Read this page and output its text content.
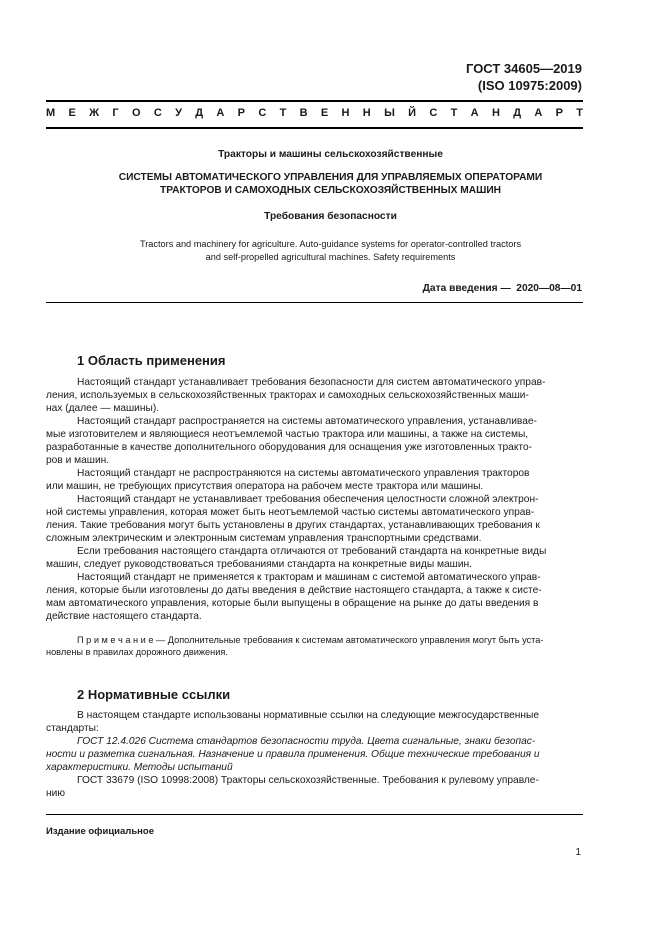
ГОСТ 34605—2019
(ISO 10975:2009)
М Е Ж Г О С У Д А Р С Т В Е Н Н Ы Й С Т А Н Д А Р Т
Тракторы и машины сельскохозяйственные
СИСТЕМЫ АВТОМАТИЧЕСКОГО УПРАВЛЕНИЯ ДЛЯ УПРАВЛЯЕМЫХ ОПЕРАТОРАМИ
ТРАКТОРОВ И САМОХОДНЫХ СЕЛЬСКОХОЗЯЙСТВЕННЫХ МАШИН
Требования безопасности
Tractors and machinery for agriculture. Auto-guidance systems for operator-controlled tractors
and self-propelled agricultural machines. Safety requirements
Дата введения —  2020—08—01
1 Область применения
Настоящий стандарт устанавливает требования безопасности для систем автоматического управ-
ления, используемых в сельскохозяйственных тракторах и самоходных сельскохозяйственных маши-
нах (далее — машины).
Настоящий стандарт распространяется на системы автоматического управления, устанавливае-
мые изготовителем и являющиеся неотъемлемой частью трактора или машины, а также на системы,
разработанные в качестве дополнительного оборудования для оснащения уже изготовленных тракто-
ров и машин.
Настоящий стандарт не распространяются на системы автоматического управления тракторов
или машин, не требующих присутствия оператора на рабочем месте трактора или машины.
Настоящий стандарт не устанавливает требования обеспечения целостности сложной электрон-
ной системы управления, которая может быть неотъемлемой частью системы автоматического управ-
ления. Такие требования могут быть установлены в других стандартах, устанавливающих требования к
сложным электрическим и электронным системам управления транспортными средствами.
Если требования настоящего стандарта отличаются от требований стандарта на конкретные виды
машин, следует руководствоваться требованиями стандарта на конкретные виды машин.
Настоящий стандарт не применяется к тракторам и машинам с системой автоматического управ-
ления, которые были изготовлены до даты введения в действие настоящего стандарта, а также к систе-
мам автоматического управления, которые были выпущены в обращение на рынке до даты введения в
действие настоящего стандарта.
П р и м е ч а н и е — Дополнительные требования к системам автоматического управления могут быть уста-
новлены в правилах дорожного движения.
2 Нормативные ссылки
В настоящем стандарте использованы нормативные ссылки на следующие межгосударственные
стандарты:
ГОСТ 12.4.026 Система стандартов безопасности труда. Цвета сигнальные, знаки безопас-
ности и разметка сигнальная. Назначение и правила применения. Общие технические требования и
характеристики. Методы испытаний
ГОСТ 33679 (ISO 10998:2008) Тракторы сельскохозяйственные. Требования к рулевому управле-
нию
Издание официальное
1
